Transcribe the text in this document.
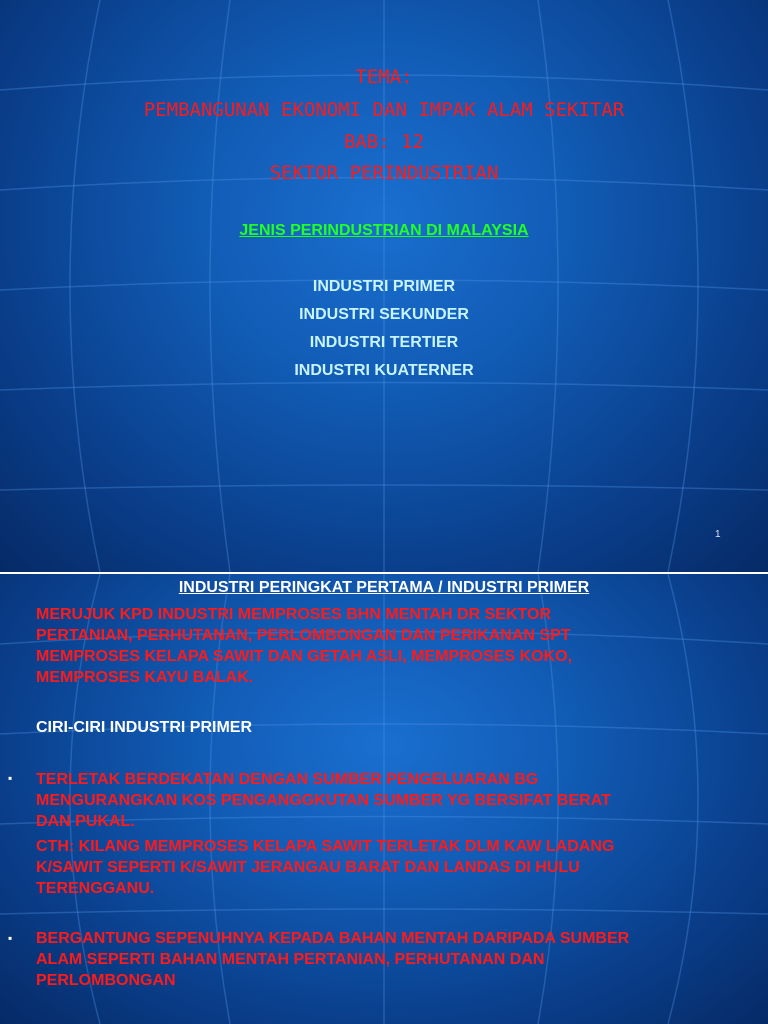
TEMA:
PEMBANGUNAN EKONOMI DAN IMPAK ALAM SEKITAR
BAB: 12
SEKTOR PERINDUSTRIAN
JENIS PERINDUSTRIAN DI MALAYSIA
INDUSTRI PRIMER
INDUSTRI SEKUNDER
INDUSTRI TERTIER
INDUSTRI KUATERNER
1
INDUSTRI PERINGKAT PERTAMA / INDUSTRI PRIMER
MERUJUK KPD INDUSTRI MEMPROSES BHN MENTAH DR SEKTOR
PERTANIAN, PERHUTANAN, PERLOMBONGAN DAN PERIKANAN SPT
MEMPROSES KELAPA SAWIT DAN GETAH ASLI, MEMPROSES KOKO,
MEMPROSES KAYU BALAK.
CIRI-CIRI INDUSTRI PRIMER
▪ TERLETAK BERDEKATAN DENGAN SUMBER PENGELUARAN BG
MENGURANGKAN KOS PENGANGGKUTAN SUMBER YG BERSIFAT BERAT
DAN PUKAL.
CTH: KILANG MEMPROSES KELAPA SAWIT TERLETAK DLM KAW LADANG
K/SAWIT SEPERTI K/SAWIT JERANGAU BARAT DAN LANDAS DI HULU
TERENGGANU.
▪ BERGANTUNG SEPENUHNYA KEPADA BAHAN MENTAH DARIPADA SUMBER
ALAM SEPERTI BAHAN MENTAH PERTANIAN, PERHUTANAN DAN
PERLOMBONGAN
